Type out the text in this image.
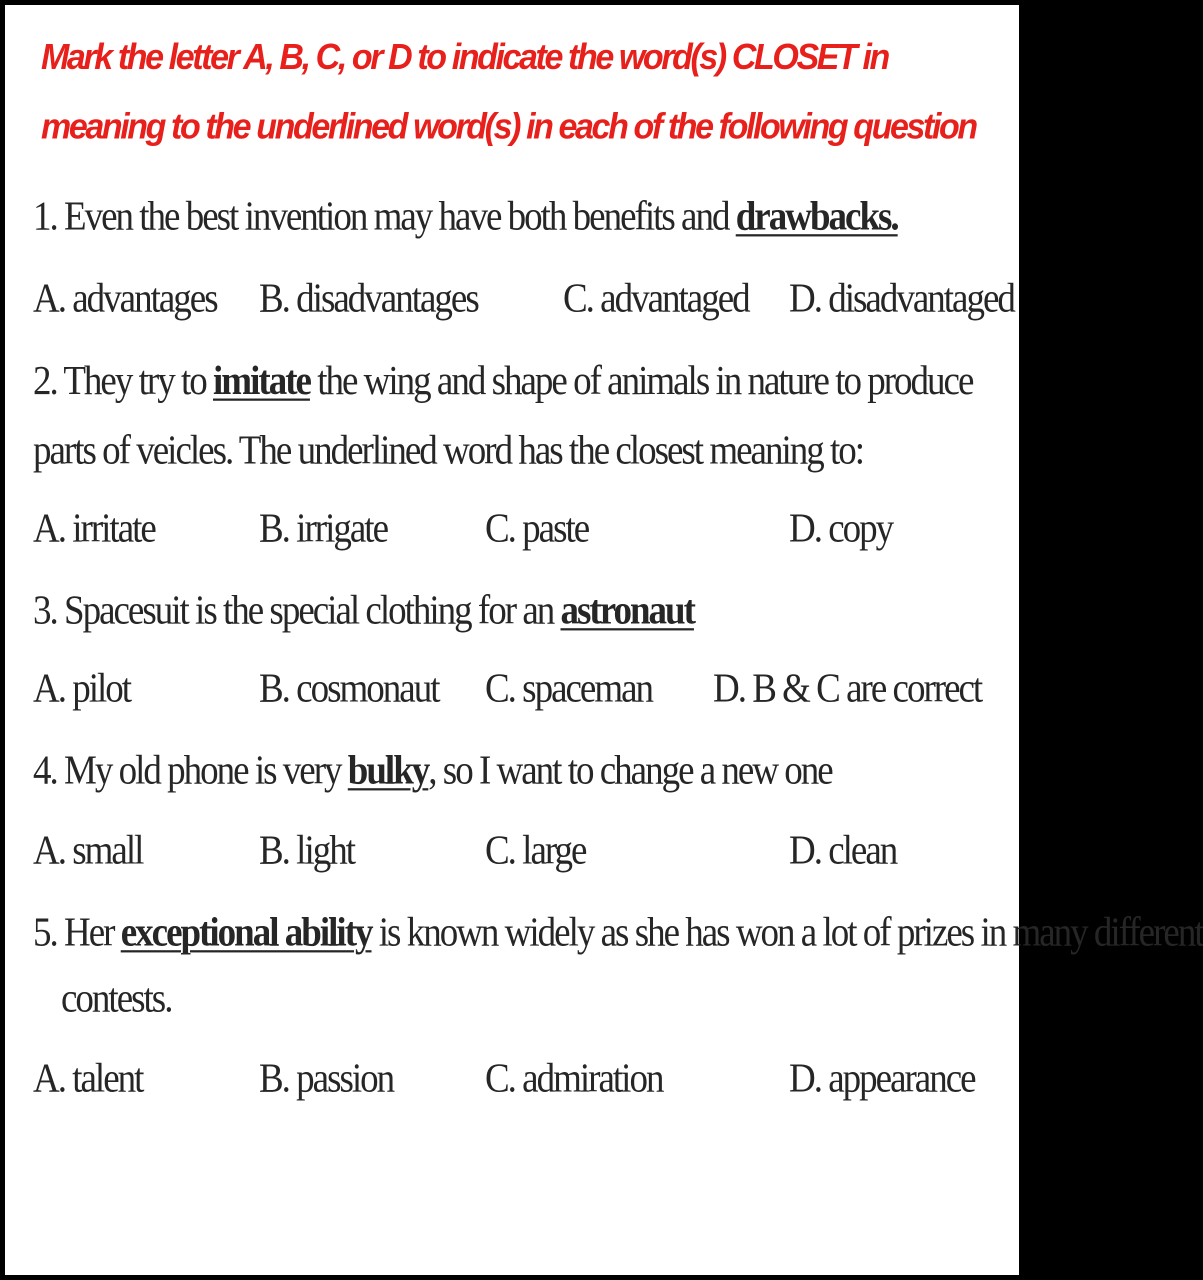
Mark the letter A, B, C, or D to indicate the word(s) CLOSET in meaning to the underlined word(s) in each of the following question
1. Even the best invention may have both benefits and drawbacks.
A. advantages B. disadvantages C. advantaged D. disadvantaged
2. They try to imitate the wing and shape of animals in nature to produce parts of veicles. The underlined word has the closest meaning to:
A. irritate	B. irrigate	C. paste	D. copy
3. Spacesuit is the special clothing for an astronaut
A. pilot	B. cosmonaut C. spaceman D. B & C are correct
4. My old phone is very bulky, so I want to change a new one
A. small	B. light	C. large	D. clean
5. Her exceptional ability is known widely as she has won a lot of prizes in many different
contests.
A. talent	B. passion C. admiration	D. appearance
